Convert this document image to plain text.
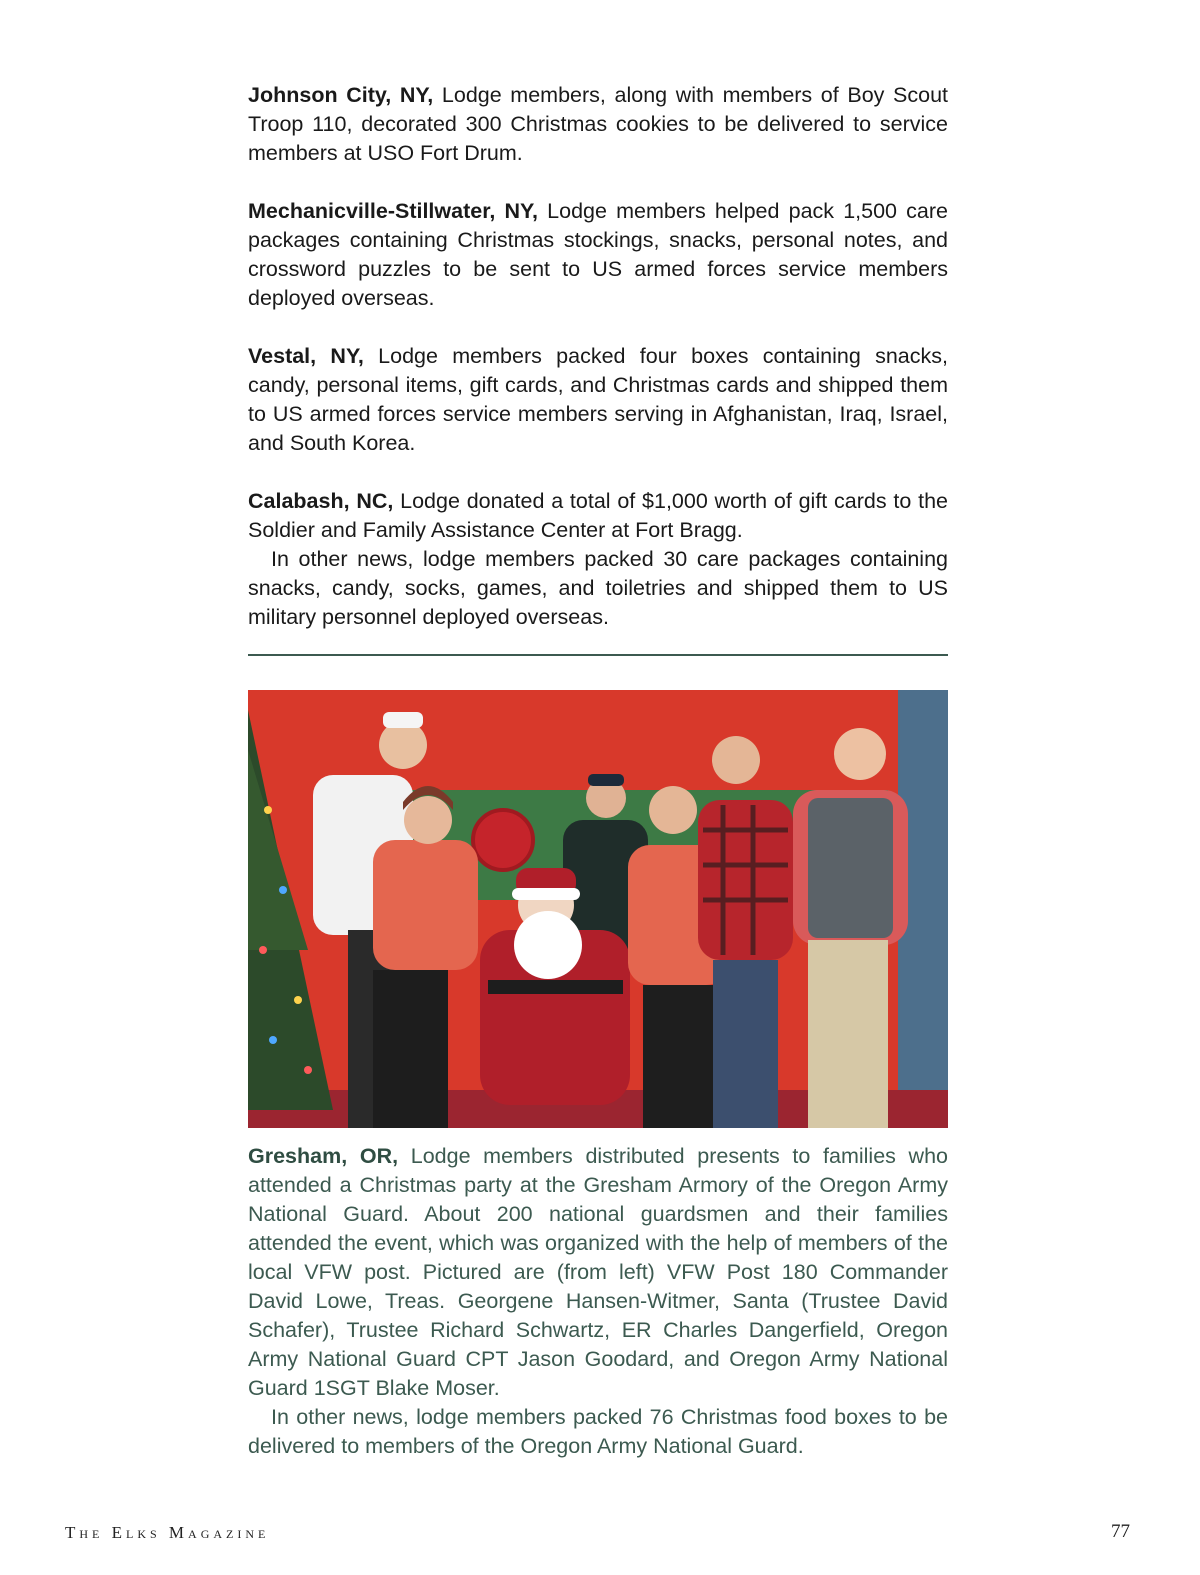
Johnson City, NY, Lodge members, along with members of Boy Scout Troop 110, decorated 300 Christmas cookies to be delivered to service members at USO Fort Drum.

Mechanicville-Stillwater, NY, Lodge members helped pack 1,500 care packages containing Christmas stockings, snacks, personal notes, and crossword puzzles to be sent to US armed forces service members deployed overseas.

Vestal, NY, Lodge members packed four boxes containing snacks, candy, personal items, gift cards, and Christmas cards and shipped them to US armed forces service members serving in Afghanistan, Iraq, Israel, and South Korea.

Calabash, NC, Lodge donated a total of $1,000 worth of gift cards to the Soldier and Family Assistance Center at Fort Bragg.

In other news, lodge members packed 30 care packages containing snacks, candy, socks, games, and toiletries and shipped them to US military personnel deployed overseas.

Gresham, OR, Lodge members distributed presents to families who attended a Christmas party at the Gresham Armory of the Oregon Army National Guard. About 200 national guardsmen and their families attended the event, which was organized with the help of members of the local VFW post. Pictured are (from left) VFW Post 180 Commander David Lowe, Treas. Georgene Hansen-Witmer, Santa (Trustee David Schafer), Trustee Richard Schwartz, ER Charles Dangerfield, Oregon Army National Guard CPT Jason Goodard, and Oregon Army National Guard 1SGT Blake Moser.

In other news, lodge members packed 76 Christmas food boxes to be delivered to members of the Oregon Army National Guard.

The Elks Magazine	77
